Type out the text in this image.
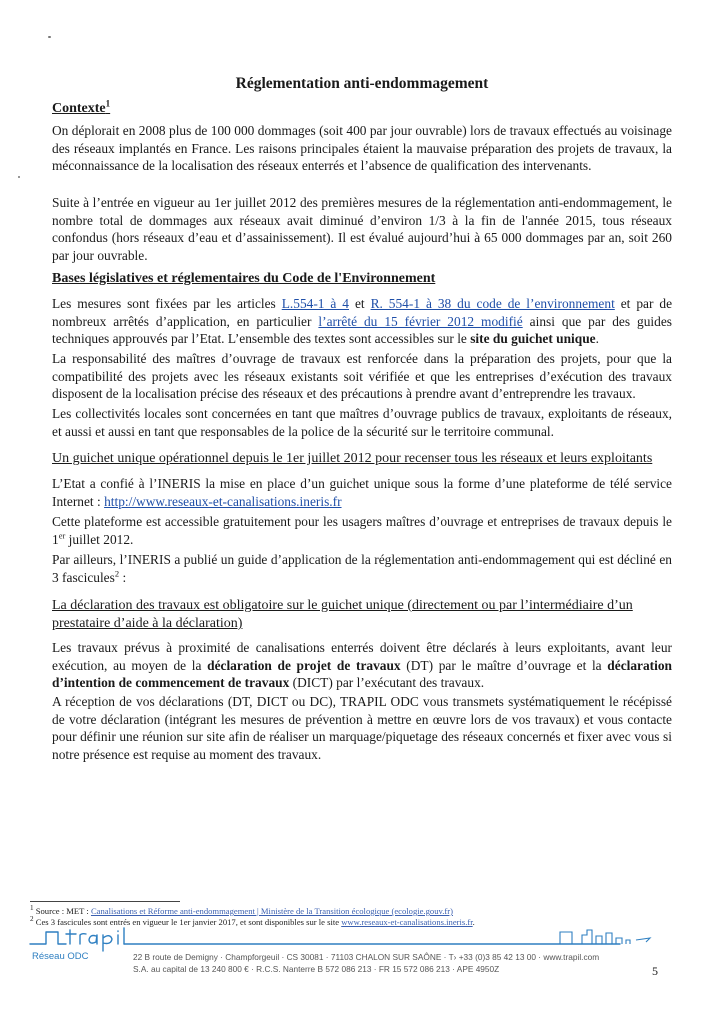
Réglementation anti-endommagement
Contexte$^1$

On déplorait en 2008 plus de 100 000 dommages (soit 400 par jour ouvrable) lors de travaux effectués au voisinage des réseaux implantés en France. Les raisons principales étaient la mauvaise préparation des projets de travaux, la méconnaissance de la localisation des réseaux enterrés et l’absence de qualification des intervenants.

Suite à l’entrée en vigueur au 1er juillet 2012 des premières mesures de la réglementation anti-endommagement, le nombre total de dommages aux réseaux avait diminué d’environ 1/3 à la fin de l'année 2015, tous réseaux confondus (hors réseaux d’eau et d’assainissement). Il est évalué aujourd’hui à 65 000 dommages par an, soit 260 par jour ouvrable.

Bases législatives et réglementaires du Code de l'Environnement

Les mesures sont fixées par les articles L.554-1 à 4 et R. 554-1 à 38 du code de l’environnement et par de nombreux arrêtés d’application, en particulier l’arrêté du 15 février 2012 modifié ainsi que par des guides techniques approuvés par l’Etat. L’ensemble des textes sont accessibles sur le site du guichet unique.

La responsabilité des maîtres d’ouvrage de travaux est renforcée dans la préparation des projets, pour que la compatibilité des projets avec les réseaux existants soit vérifiée et que les entreprises d’exécution des travaux disposent de la localisation précise des réseaux et des précautions à prendre avant d’entreprendre les travaux.

Les collectivités locales sont concernées en tant que maîtres d’ouvrage publics de travaux, exploitants de réseaux, et aussi et aussi en tant que responsables de la police de la sécurité sur le territoire communal.

Un guichet unique opérationnel depuis le 1er juillet 2012 pour recenser tous les réseaux et leurs exploitants

L’Etat a confié à l’INERIS la mise en place d’un guichet unique sous la forme d’une plateforme de télé service Internet : http://www.reseaux-et-canalisations.ineris.fr

Cette plateforme est accessible gratuitement pour les usagers maîtres d’ouvrage et entreprises de travaux depuis le 1er juillet 2012.

Par ailleurs, l’INERIS a publié un guide d’application de la réglementation anti-endommagement qui est décliné en 3 fascicules$^2$ :

La déclaration des travaux est obligatoire sur le guichet unique (directement ou par l’intermédiaire d’un prestataire d’aide à la déclaration)

Les travaux prévus à proximité de canalisations enterrés doivent être déclarés à leurs exploitants, avant leur exécution, au moyen de la déclaration de projet de travaux (DT) par le maître d’ouvrage et la déclaration d’intention de commencement de travaux (DICT) par l’exécutant des travaux.

A réception de vos déclarations (DT, DICT ou DC), TRAPIL ODC vous transmets systématiquement le récépissé de votre déclaration (intégrant les mesures de prévention à mettre en œuvre lors de vos travaux) et vous contacte pour définir une réunion sur site afin de réaliser un marquage/piquetage des réseaux concernés et fixer avec vous si notre présence est requise au moment des travaux.

$^1$ Source : MET : Canalisations et Réforme anti-endommagement | Ministère de la Transition écologique (ecologie.gouv.fr)
$^2$ Ces 3 fascicules sont entrés en vigueur le 1er janvier 2017, et sont disponibles sur le site www.reseaux-et-canalisations.ineris.fr.
Réseau ODC	22 B route de Demigny · Champforgeuil · CS 30081 · 71103 CHALON SUR SAÔNE · T› +33 (0)3 85 42 13 00 · www.trapil.com
S.A. au capital de 13 240 800 € · R.C.S. Nanterre B 572 086 213 · FR 15 572 086 213 · APE 4950Z	5
